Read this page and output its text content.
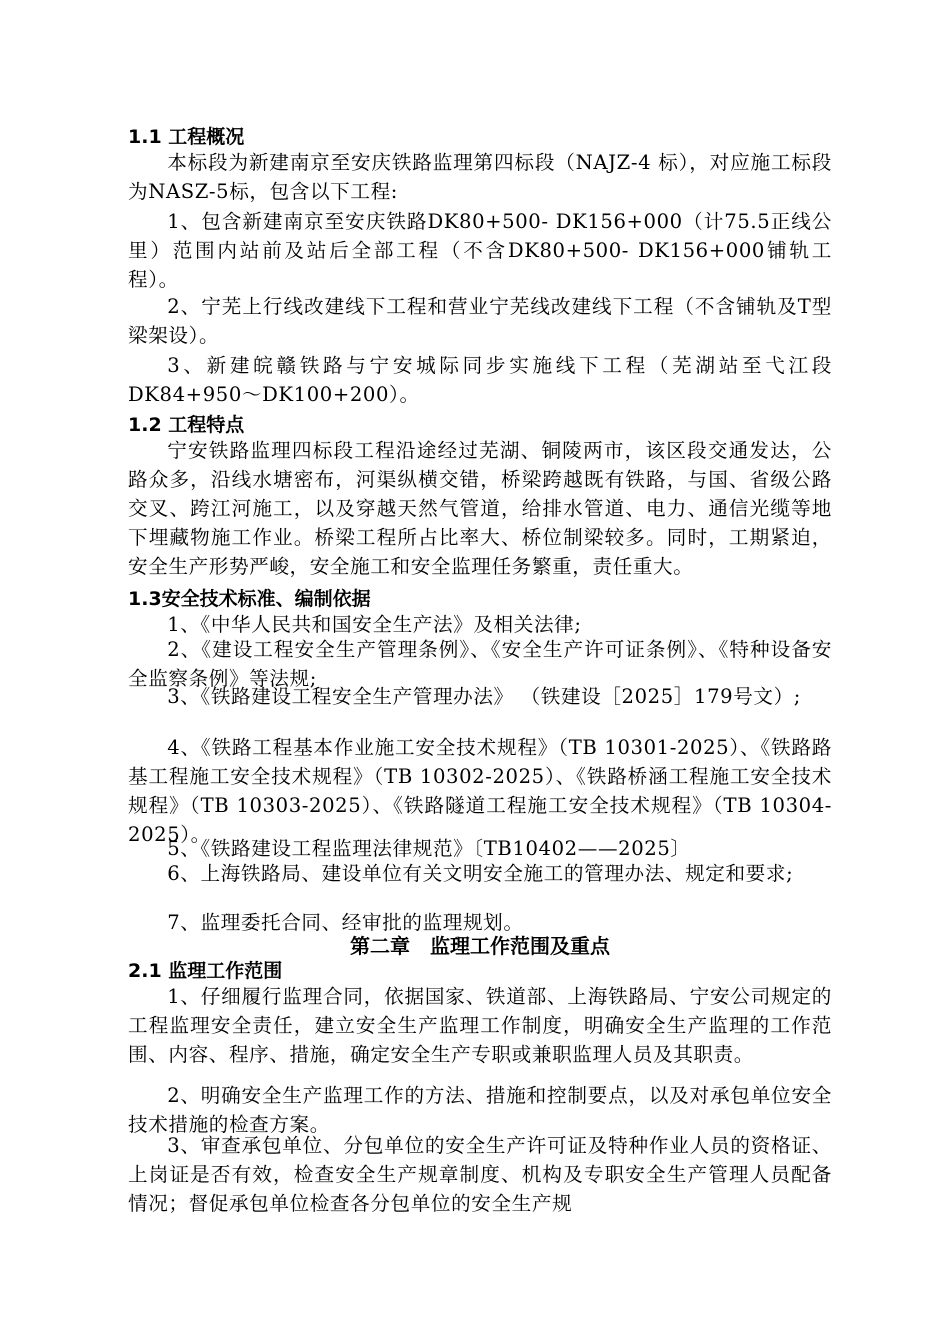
1.1 工程概况

本标段为新建南京至安庆铁路监理第四标段（NAJZ-4 标），对应施工标段为NASZ-5标，包含以下工程:

1、包含新建南京至安庆铁路DK80+500- DK156+000（计75.5正线公里）范围内站前及站后全部工程（不含DK80+500- DK156+000铺轨工程）。

2、宁芜上行线改建线下工程和营业宁芜线改建线下工程（不含铺轨及T型梁架设）。

3、新建皖赣铁路与宁安城际同步实施线下工程（芜湖站至弋江段DK84+950～DK100+200）。

1.2 工程特点

宁安铁路监理四标段工程沿途经过芜湖、铜陵两市，该区段交通发达，公路众多，沿线水塘密布，河渠纵横交错，桥梁跨越既有铁路，与国、省级公路交叉、跨江河施工，以及穿越天然气管道，给排水管道、电力、通信光缆等地下埋藏物施工作业。桥梁工程所占比率大、桥位制梁较多。同时，工期紧迫，安全生产形势严峻，安全施工和安全监理任务繁重，责任重大。

1.3安全技术标准、编制依据

1、《中华人民共和国安全生产法》及相关法律;

2、《建设工程安全生产管理条例》、《安全生产许可证条例》、《特种设备安全监察条例》等法规;

3、《铁路建设工程安全生产管理办法》 （铁建设［2025］179号文）;

4、《铁路工程基本作业施工安全技术规程》（TB 10301-2025）、《铁路路基工程施工安全技术规程》（TB 10302-2025）、《铁路桥涵工程施工安全技术规程》（TB 10303-2025）、《铁路隧道工程施工安全技术规程》（TB 10304-2025）。

5、《铁路建设工程监理法律规范》〔TB10402——2025〕

6、上海铁路局、建设单位有关文明安全施工的管理办法、规定和要求;

7、监理委托合同、经审批的监理规划。

第二章　监理工作范围及重点
2.1 监理工作范围

1、仔细履行监理合同，依据国家、铁道部、上海铁路局、宁安公司规定的工程监理安全责任，建立安全生产监理工作制度，明确安全生产监理的工作范围、内容、程序、措施，确定安全生产专职或兼职监理人员及其职责。

2、明确安全生产监理工作的方法、措施和控制要点，以及对承包单位安全技术措施的检查方案。

3、审查承包单位、分包单位的安全生产许可证及特种作业人员的资格证、上岗证是否有效，检查安全生产规章制度、机构及专职安全生产管理人员配备情况；督促承包单位检查各分包单位的安全生产规
